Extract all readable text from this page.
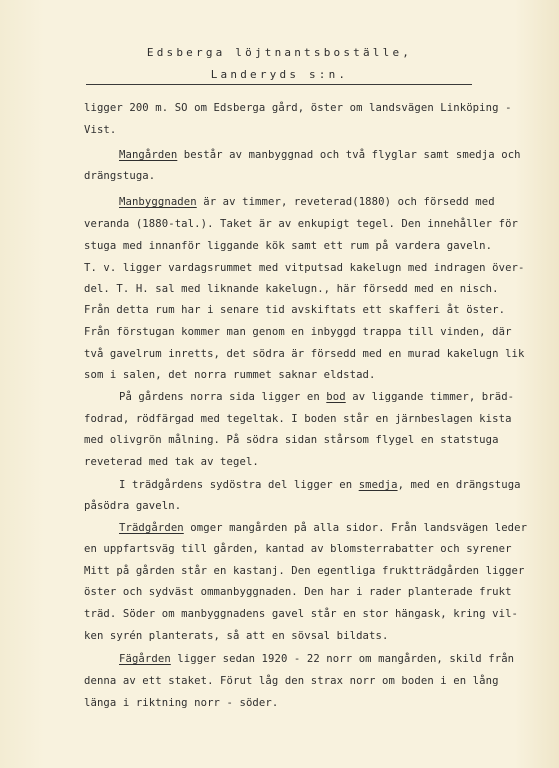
Edsberga löjtnantsboställe,
Landeryds s:n.
ligger 200 m. SO om Edsberga gård, öster om landsvägen Linköping -
Vist.
Mangården består av manbyggnad och två flyglar samt smedja och
drängstuga.
Manbyggnaden är av timmer, reveterad(1880) och försedd med
veranda (1880-tal.). Taket är av enkupigt tegel. Den innehåller för
stuga med innanför liggande kök samt ett rum på vardera gaveln.
T. v. ligger vardagsrummet med vitputsad kakelugn med indragen över-
del. T. H. sal med liknande kakelugn., här försedd med en nisch.
Från detta rum har i senare tid avskiftats ett skafferi åt öster.
Från förstugan kommer man genom en inbyggd trappa till vinden, där
två gavelrum inretts, det södra är försedd med en murad kakelugn lik
som i salen, det norra rummet saknar eldstad.
På gårdens norra sida ligger en bod av liggande timmer, bräd-
fodrad, rödfärgad med tegeltak. I boden står en järnbeslagen kista
med olivgrön målning. På södra sidan stårsom flygel en statstuga
reveterad med tak av tegel.
I trädgårdens sydöstra del ligger en smedja, med en drängstuga
påsödra gaveln.
Trädgården omger mangården på alla sidor. Från landsvägen leder
en uppfartsväg till gården, kantad av blomsterrabatter och syrener
Mitt på gården står en kastanj. Den egentliga fruktträdgården ligger
öster och sydväst ommanbyggnaden. Den har i rader planterade frukt
träd. Söder om manbyggnadens gavel står en stor hängask, kring vil-
ken syrén planterats, så att en sövsal bildats.
Fägården ligger sedan 1920 - 22 norr om mangården, skild från
denna av ett staket. Förut låg den strax norr om boden i en lång
länga i riktning norr - söder.
